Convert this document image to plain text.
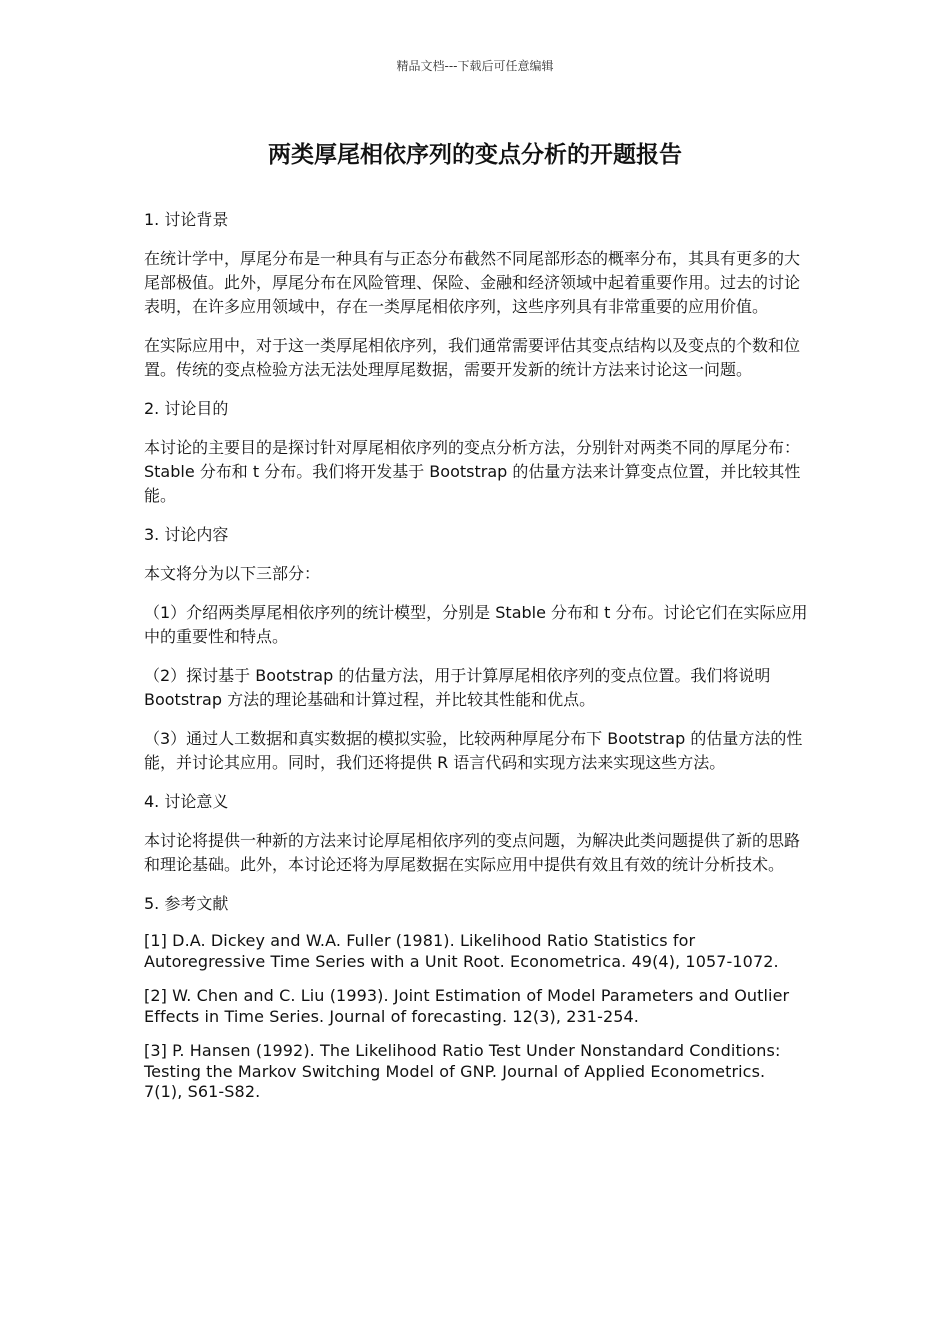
精品文档---下载后可任意编辑
两类厚尾相依序列的变点分析的开题报告
1. 讨论背景
在统计学中，厚尾分布是一种具有与正态分布截然不同尾部形态的概率分布，其具有更多的大尾部极值。此外，厚尾分布在风险管理、保险、金融和经济领域中起着重要作用。过去的讨论表明，在许多应用领域中，存在一类厚尾相依序列，这些序列具有非常重要的应用价值。
在实际应用中，对于这一类厚尾相依序列，我们通常需要评估其变点结构以及变点的个数和位置。传统的变点检验方法无法处理厚尾数据，需要开发新的统计方法来讨论这一问题。
2. 讨论目的
本讨论的主要目的是探讨针对厚尾相依序列的变点分析方法，分别针对两类不同的厚尾分布：Stable 分布和 t 分布。我们将开发基于 Bootstrap 的估量方法来计算变点位置，并比较其性能。
3. 讨论内容
本文将分为以下三部分：
（1）介绍两类厚尾相依序列的统计模型，分别是 Stable 分布和 t 分布。讨论它们在实际应用中的重要性和特点。
（2）探讨基于 Bootstrap 的估量方法，用于计算厚尾相依序列的变点位置。我们将说明 Bootstrap 方法的理论基础和计算过程，并比较其性能和优点。
（3）通过人工数据和真实数据的模拟实验，比较两种厚尾分布下 Bootstrap 的估量方法的性能，并讨论其应用。同时，我们还将提供 R 语言代码和实现方法来实现这些方法。
4. 讨论意义
本讨论将提供一种新的方法来讨论厚尾相依序列的变点问题，为解决此类问题提供了新的思路和理论基础。此外，本讨论还将为厚尾数据在实际应用中提供有效且有效的统计分析技术。
5. 参考文献
[1] D.A. Dickey and W.A. Fuller (1981). Likelihood Ratio Statistics for Autoregressive Time Series with a Unit Root. Econometrica. 49(4), 1057-1072.
[2] W. Chen and C. Liu (1993). Joint Estimation of Model Parameters and Outlier Effects in Time Series. Journal of forecasting. 12(3), 231-254.
[3] P. Hansen (1992). The Likelihood Ratio Test Under Nonstandard Conditions: Testing the Markov Switching Model of GNP. Journal of Applied Econometrics. 7(1), S61-S82.
